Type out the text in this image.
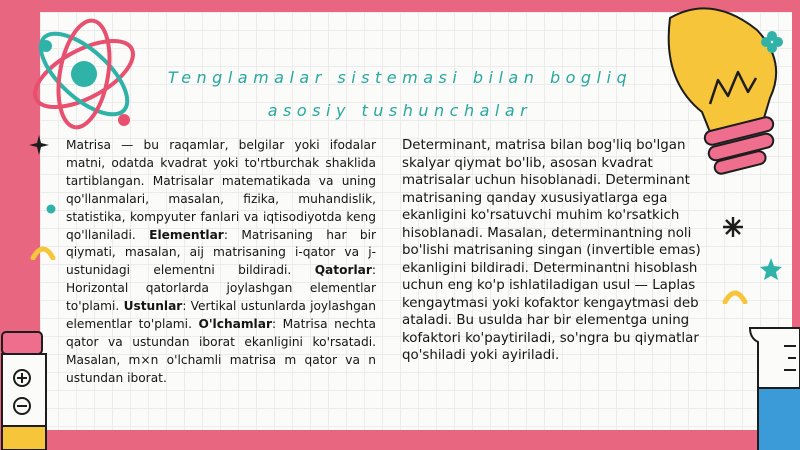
Tenglamalar sistemasi bilan bogliq
asosiy tushunchalar

Matrisa — bu raqamlar, belgilar yoki ifodalar matni, odatda kvadrat yoki to'rtburchak shaklida tartiblangan. Matrisalar matematikada va uning qo'llanmalari, masalan, fizika, muhandislik, statistika, kompyuter fanlari va iqtisodiyotda keng qo'llaniladi. Elementlar: Matrisaning har bir qiymati, masalan, aij matrisaning i-qator va j-ustunidagi elementni bildiradi. Qatorlar: Horizontal qatorlarda joylashgan elementlar to'plami. Ustunlar: Vertikal ustunlarda joylashgan elementlar to'plami. O'lchamlar: Matrisa nechta qator va ustundan iborat ekanligini ko'rsatadi. Masalan, m×n o'lchamli matrisa m qator va n ustundan iborat.

Determinant, matrisa bilan bog'liq bo'lgan skalyar qiymat bo'lib, asosan kvadrat matrisalar uchun hisoblanadi. Determinant matrisaning qanday xususiyatlarga ega ekanligini ko'rsatuvchi muhim ko'rsatkich hisoblanadi. Masalan, determinantning noli bo'lishi matrisaning singan (invertible emas) ekanligini bildiradi. Determinantni hisoblash uchun eng ko'p ishlatiladigan usul — Laplas kengaytmasi yoki kofaktor kengaytmasi deb ataladi. Bu usulda har bir elementga uning kofaktori ko'paytiriladi, so'ngra bu qiymatlar qo'shiladi yoki ayiriladi.
